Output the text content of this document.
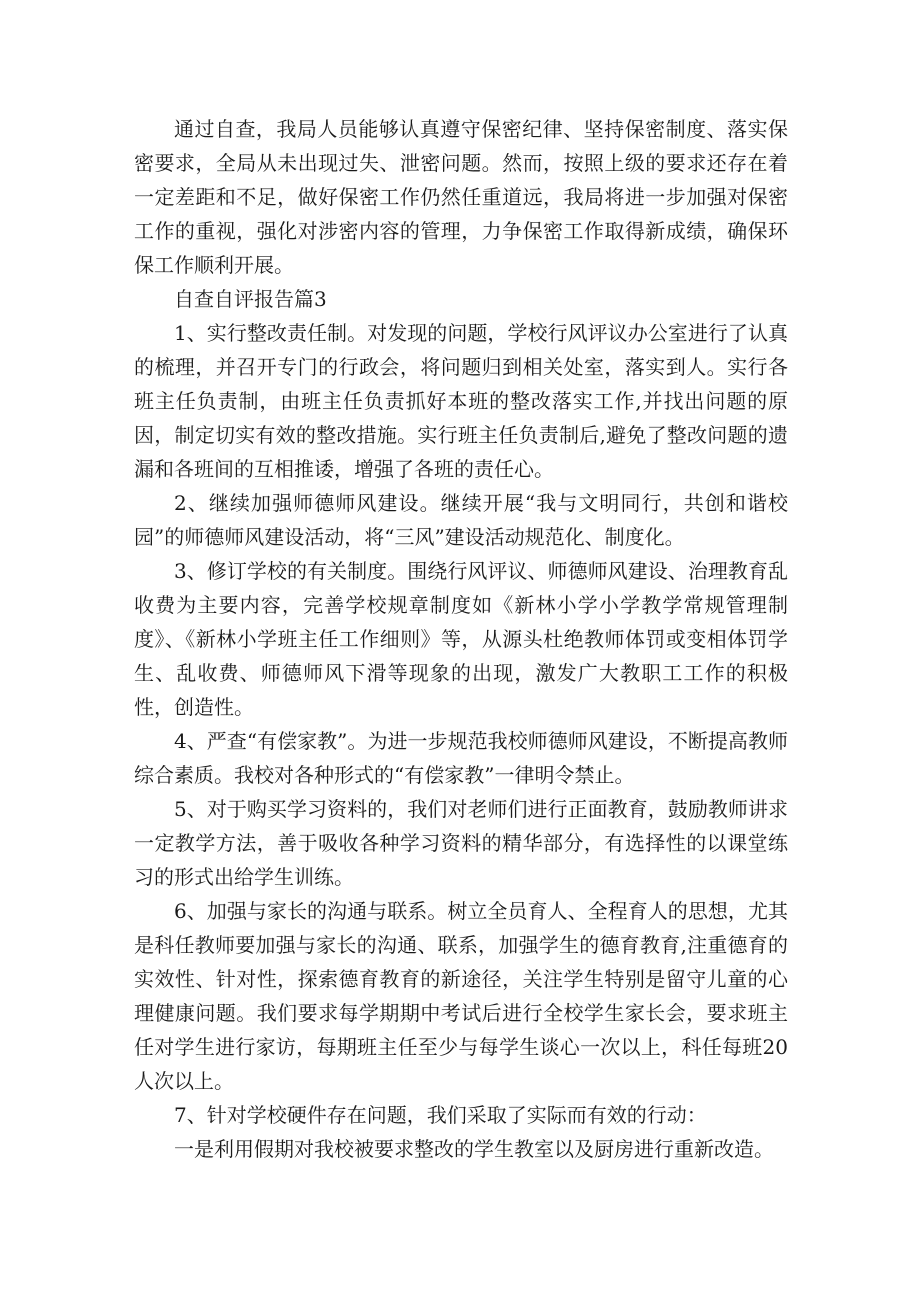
通过自查，我局人员能够认真遵守保密纪律、坚持保密制度、落实保密要求，全局从未出现过失、泄密问题。然而，按照上级的要求还存在着一定差距和不足，做好保密工作仍然任重道远，我局将进一步加强对保密工作的重视，强化对涉密内容的管理，力争保密工作取得新成绩，确保环保工作顺利开展。

自查自评报告篇3

1、实行整改责任制。对发现的问题，学校行风评议办公室进行了认真的梳理，并召开专门的行政会，将问题归到相关处室，落实到人。实行各班主任负责制，由班主任负责抓好本班的整改落实工作,并找出问题的原因，制定切实有效的整改措施。实行班主任负责制后,避免了整改问题的遗漏和各班间的互相推诿，增强了各班的责任心。

2、继续加强师德师风建设。继续开展“我与文明同行，共创和谐校园”的师德师风建设活动，将“三风”建设活动规范化、制度化。

3、修订学校的有关制度。围绕行风评议、师德师风建设、治理教育乱收费为主要内容，完善学校规章制度如《新林小学小学教学常规管理制度》、《新林小学班主任工作细则》等，从源头杜绝教师体罚或变相体罚学生、乱收费、师德师风下滑等现象的出现，激发广大教职工工作的积极性，创造性。

4、严查“有偿家教”。为进一步规范我校师德师风建设，不断提高教师综合素质。我校对各种形式的“有偿家教”一律明令禁止。

5、对于购买学习资料的，我们对老师们进行正面教育，鼓励教师讲求一定教学方法，善于吸收各种学习资料的精华部分，有选择性的以课堂练习的形式出给学生训练。

6、加强与家长的沟通与联系。树立全员育人、全程育人的思想，尤其是科任教师要加强与家长的沟通、联系，加强学生的德育教育,注重德育的实效性、针对性，探索德育教育的新途径，关注学生特别是留守儿童的心理健康问题。我们要求每学期期中考试后进行全校学生家长会，要求班主任对学生进行家访，每期班主任至少与每学生谈心一次以上，科任每班20人次以上。

7、针对学校硬件存在问题，我们采取了实际而有效的行动：

一是利用假期对我校被要求整改的学生教室以及厨房进行重新改造。
